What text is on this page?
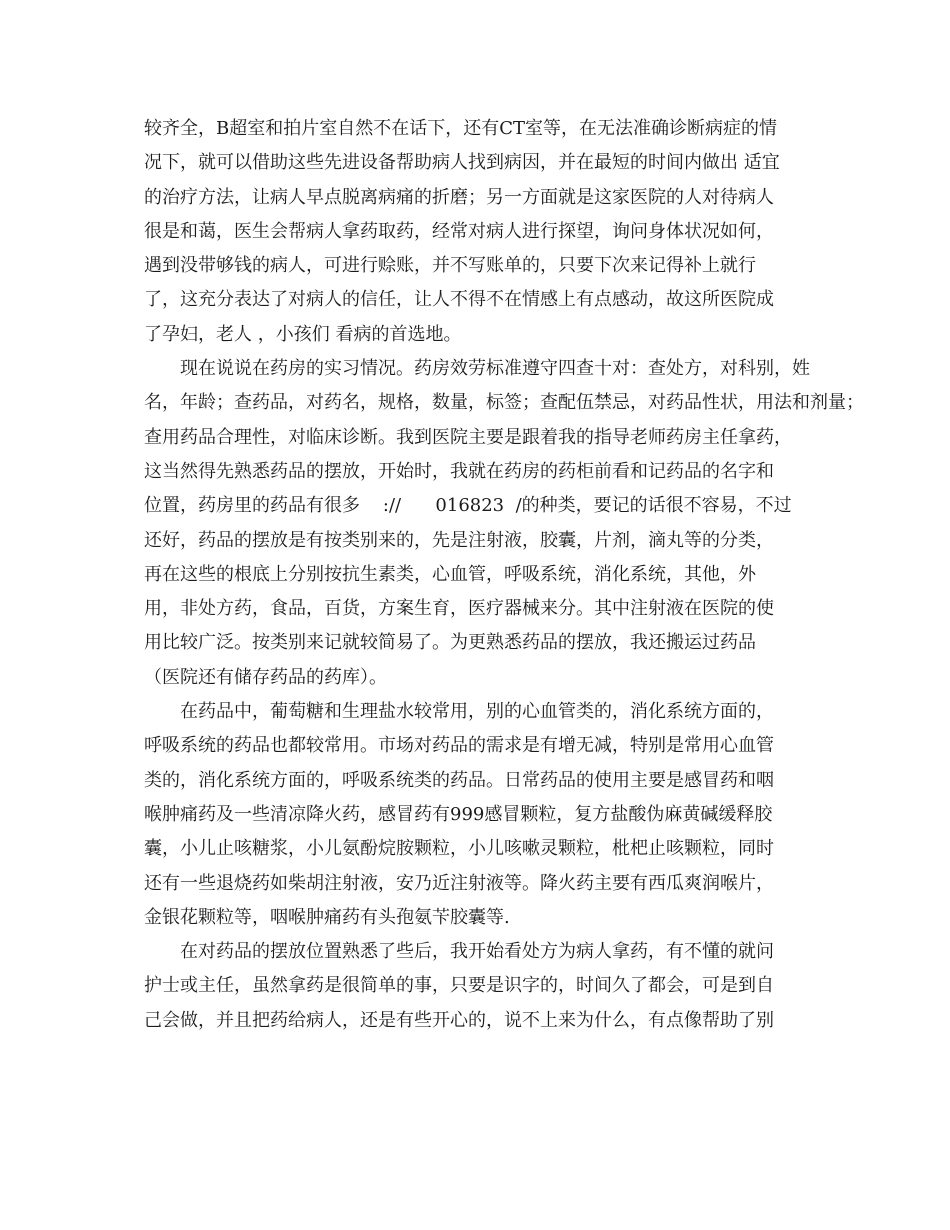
较齐全，B超室和拍片室自然不在话下，还有CT室等，在无法准确诊断病症的情
况下，就可以借助这些先进设备帮助病人找到病因，并在最短的时间内做出 适宜
的治疗方法，让病人早点脱离病痛的折磨；另一方面就是这家医院的人对待病人
很是和蔼，医生会帮病人拿药取药，经常对病人进行探望，询问身体状况如何，
遇到没带够钱的病人，可进行赊账，并不写账单的，只要下次来记得补上就行
了，这充分表达了对病人的信任，让人不得不在情感上有点感动，故这所医院成
了孕妇，老人 ，小孩们 看病的首选地。

现在说说在药房的实习情况。药房效劳标准遵守四查十对：查处方，对科别，姓
名，年龄；查药品，对药名，规格，数量，标签；查配伍禁忌，对药品性状，用法和剂量；
查用药品合理性，对临床诊断。我到医院主要是跟着我的指导老师药房主任拿药，
这当然得先熟悉药品的摆放，开始时，我就在药房的药柜前看和记药品的名字和
位置，药房里的药品有很多    ://      016823  /的种类，要记的话很不容易，不过
还好，药品的摆放是有按类别来的，先是注射液，胶囊，片剂，滴丸等的分类，
再在这些的根底上分别按抗生素类，心血管，呼吸系统，消化系统，其他，外
用，非处方药，食品，百货，方案生育，医疗器械来分。其中注射液在医院的使
用比较广泛。按类别来记就较简易了。为更熟悉药品的摆放，我还搬运过药品
（医院还有储存药品的药库）。

在药品中，葡萄糖和生理盐水较常用，别的心血管类的，消化系统方面的，
呼吸系统的药品也都较常用。市场对药品的需求是有增无减，特别是常用心血管
类的，消化系统方面的，呼吸系统类的药品。日常药品的使用主要是感冒药和咽
喉肿痛药及一些清凉降火药，感冒药有999感冒颗粒，复方盐酸伪麻黄碱缓释胶
囊，小儿止咳糖浆，小儿氨酚烷胺颗粒，小儿咳嗽灵颗粒，枇杷止咳颗粒，同时
还有一些退烧药如柴胡注射液，安乃近注射液等。降火药主要有西瓜爽润喉片，
金银花颗粒等，咽喉肿痛药有头孢氨苄胶囊等.

在对药品的摆放位置熟悉了些后，我开始看处方为病人拿药，有不懂的就问
护士或主任，虽然拿药是很简单的事，只要是识字的，时间久了都会，可是到自
己会做，并且把药给病人，还是有些开心的，说不上来为什么，有点像帮助了别
